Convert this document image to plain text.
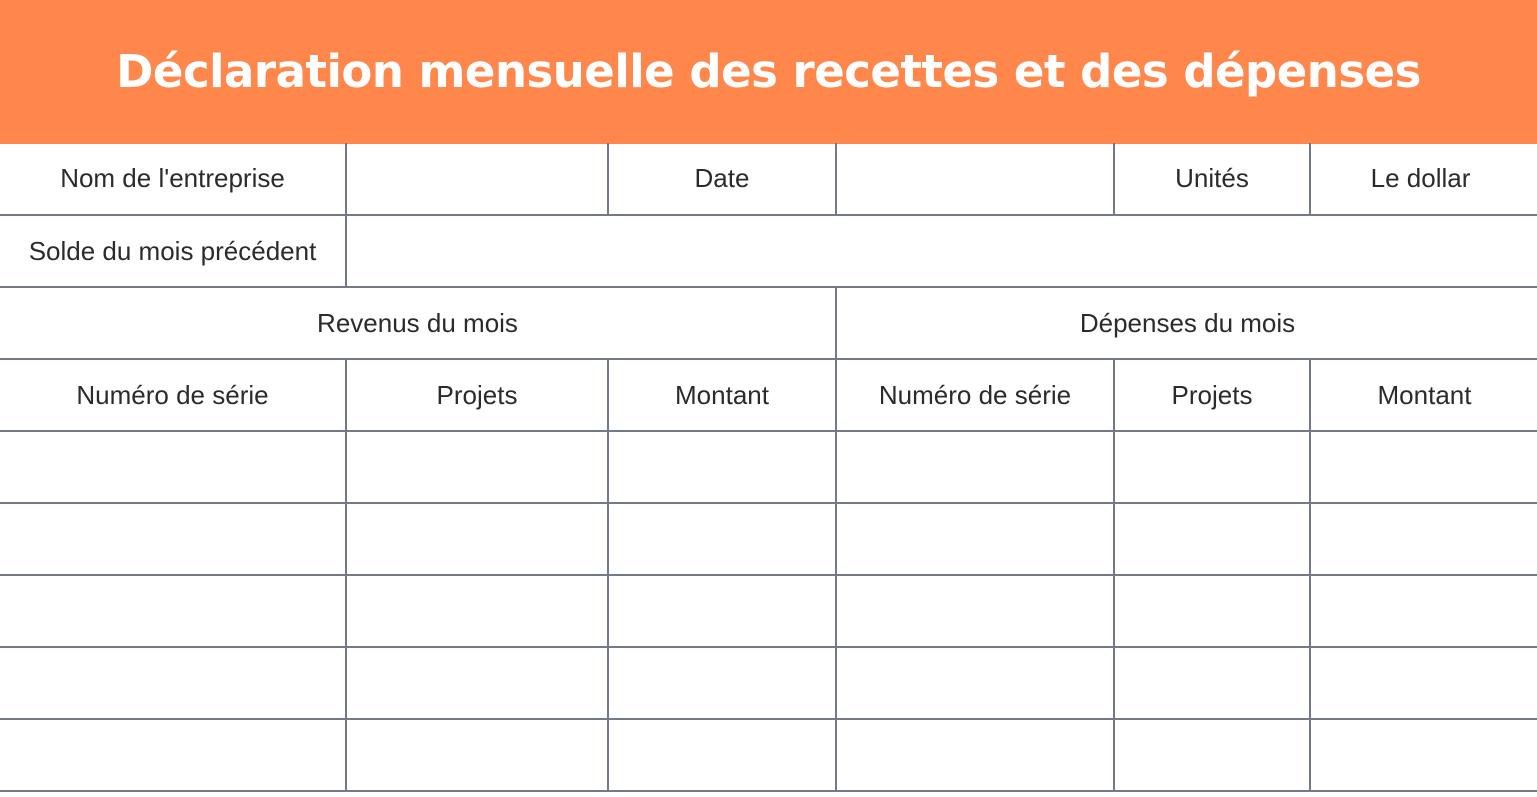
Déclaration mensuelle des recettes et des dépenses
Nom de l'entreprise		Date		Unités	Le dollar
Solde du mois précédent					
Revenus du mois			Dépenses du mois		
Numéro de série	Projets	Montant	Numéro de série	Projets	Montant
